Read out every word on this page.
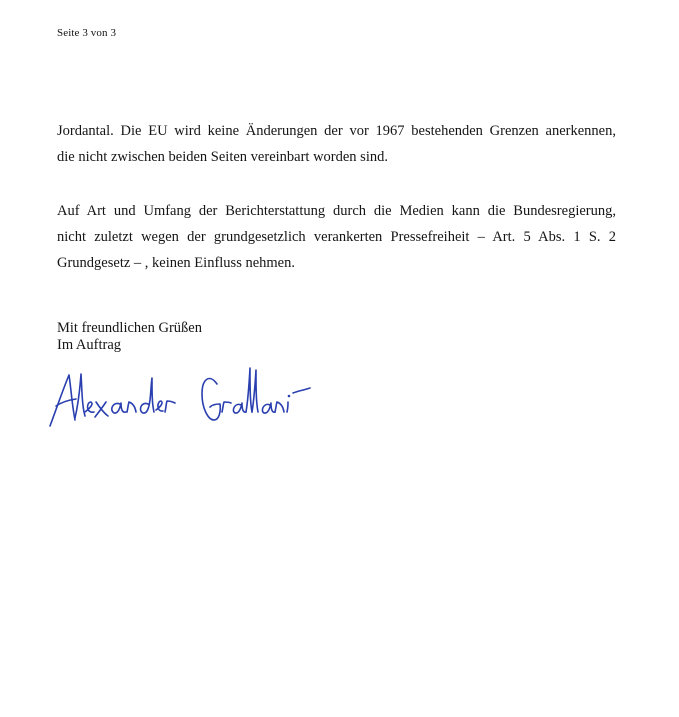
Seite 3 von 3

Jordantal. Die EU wird keine Änderungen der vor 1967 bestehenden Grenzen anerkennen,
die nicht zwischen beiden Seiten vereinbart worden sind.

Auf Art und Umfang der Berichterstattung durch die Medien kann die Bundesregierung,
nicht zuletzt wegen der grundgesetzlich verankerten Pressefreiheit – Art. 5 Abs. 1 S. 2
Grundgesetz – , keinen Einfluss nehmen.

Mit freundlichen Grüßen
Im Auftrag
